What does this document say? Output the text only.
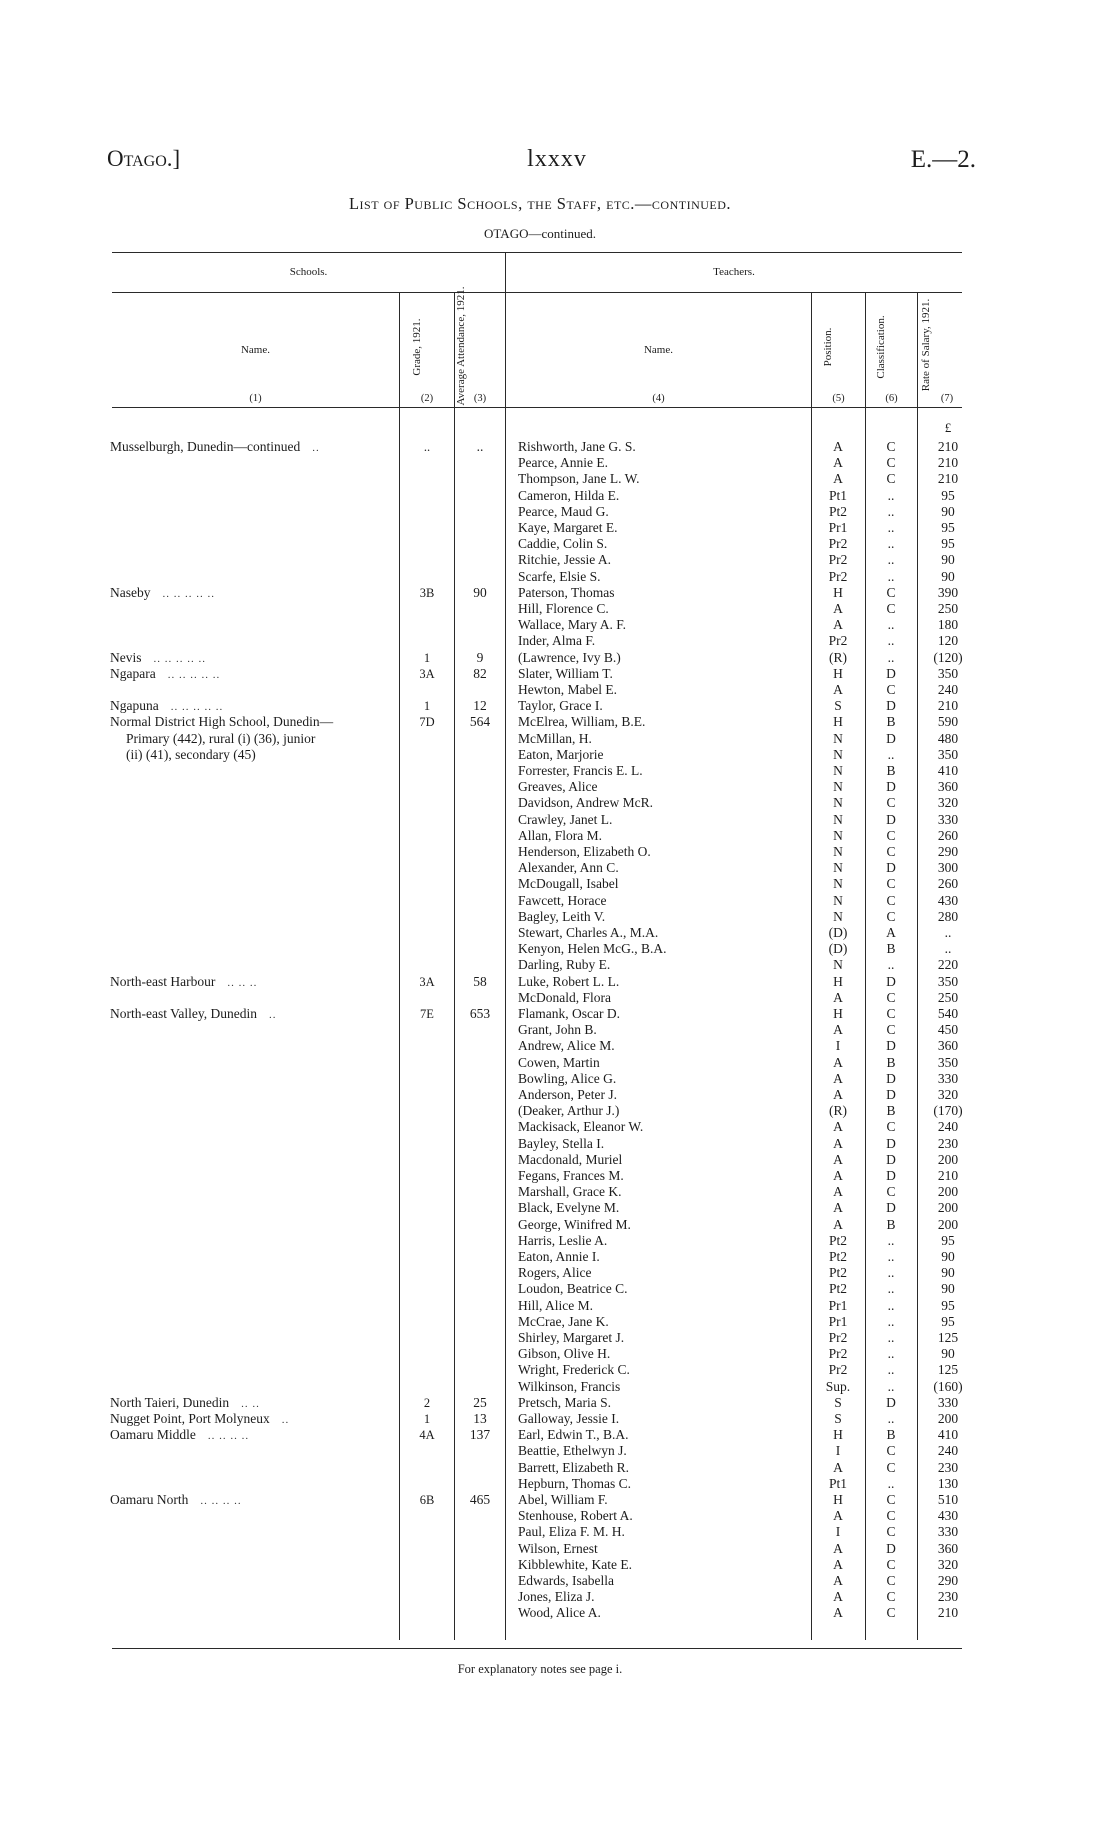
Otago.]	lxxxv	E.—2.
List of Public Schools, the Staff, etc.—continued.
OTAGO—continued.
Schools.	Teachers.
Name.	Grade, 1921.	Average Attendance, 1921.	Name.	Position.	Classification.	Rate of Salary, 1921.
(1)	(2)	(3)	(4)	(5)	(6)	(7)
£
Musselburgh, Dunedin—continued ..	..	..	Rishworth, Jane G. S.	A	C	210
Pearce, Annie E.	A	C	210
Thompson, Jane L. W.	A	C	210
Cameron, Hilda E.	Pt1	..	95
Pearce, Maud G.	Pt2	..	90
Kaye, Margaret E.	Pr1	..	95
Caddie, Colin S.	Pr2	..	95
Ritchie, Jessie A.	Pr2	..	90
Scarfe, Elsie S.	Pr2	..	90
Naseby .. .. .. .. ..	3B	90	Paterson, Thomas	H	C	390
Hill, Florence C.	A	C	250
Wallace, Mary A. F.	A	..	180
Inder, Alma F.	Pr2	..	120
Nevis .. .. .. .. ..	1	9	(Lawrence, Ivy B.)	(R)	..	(120)
Ngapara .. .. .. .. ..	3A	82	Slater, William T.	H	D	350
Hewton, Mabel E.	A	C	240
Ngapuna .. .. .. .. ..	1	12	Taylor, Grace I.	S	D	210
Normal District High School, Dunedin—	7D	564	McElrea, William, B.E.	H	B	590
Primary (442), rural (i) (36), junior	McMillan, H.	N	D	480
(ii) (41), secondary (45)	Eaton, Marjorie	N	..	350
Forrester, Francis E. L.	N	B	410
Greaves, Alice	N	D	360
Davidson, Andrew McR.	N	C	320
Crawley, Janet L.	N	D	330
Allan, Flora M.	N	C	260
Henderson, Elizabeth O.	N	C	290
Alexander, Ann C.	N	D	300
McDougall, Isabel	N	C	260
Fawcett, Horace	N	C	430
Bagley, Leith V.	N	C	280
Stewart, Charles A., M.A.	(D)	A	..
Kenyon, Helen McG., B.A.	(D)	B	..
Darling, Ruby E.	N	..	220
North-east Harbour .. .. ..	3A	58	Luke, Robert L. L.	H	D	350
McDonald, Flora	A	C	250
North-east Valley, Dunedin ..	7E	653	Flamank, Oscar D.	H	C	540
Grant, John B.	A	C	450
Andrew, Alice M.	I	D	360
Cowen, Martin	A	B	350
Bowling, Alice G.	A	D	330
Anderson, Peter J.	A	D	320
(Deaker, Arthur J.)	(R)	B	(170)
Mackisack, Eleanor W.	A	C	240
Bayley, Stella I.	A	D	230
Macdonald, Muriel	A	D	200
Fegans, Frances M.	A	D	210
Marshall, Grace K.	A	C	200
Black, Evelyne M.	A	D	200
George, Winifred M.	A	B	200
Harris, Leslie A.	Pt2	..	95
Eaton, Annie I.	Pt2	..	90
Rogers, Alice	Pt2	..	90
Loudon, Beatrice C.	Pt2	..	90
Hill, Alice M.	Pr1	..	95
McCrae, Jane K.	Pr1	..	95
Shirley, Margaret J.	Pr2	..	125
Gibson, Olive H.	Pr2	..	90
Wright, Frederick C.	Pr2	..	125
Wilkinson, Francis	Sup.	..	(160)
North Taieri, Dunedin .. ..	2	25	Pretsch, Maria S.	S	D	330
Nugget Point, Port Molyneux ..	1	13	Galloway, Jessie I.	S	..	200
Oamaru Middle .. .. .. ..	4A	137	Earl, Edwin T., B.A.	H	B	410
Beattie, Ethelwyn J.	I	C	240
Barrett, Elizabeth R.	A	C	230
Hepburn, Thomas C.	Pt1	..	130
Oamaru North .. .. .. ..	6B	465	Abel, William F.	H	C	510
Stenhouse, Robert A.	A	C	430
Paul, Eliza F. M. H.	I	C	330
Wilson, Ernest	A	D	360
Kibblewhite, Kate E.	A	C	320
Edwards, Isabella	A	C	290
Jones, Eliza J.	A	C	230
Wood, Alice A.	A	C	210
For explanatory notes see page i.
